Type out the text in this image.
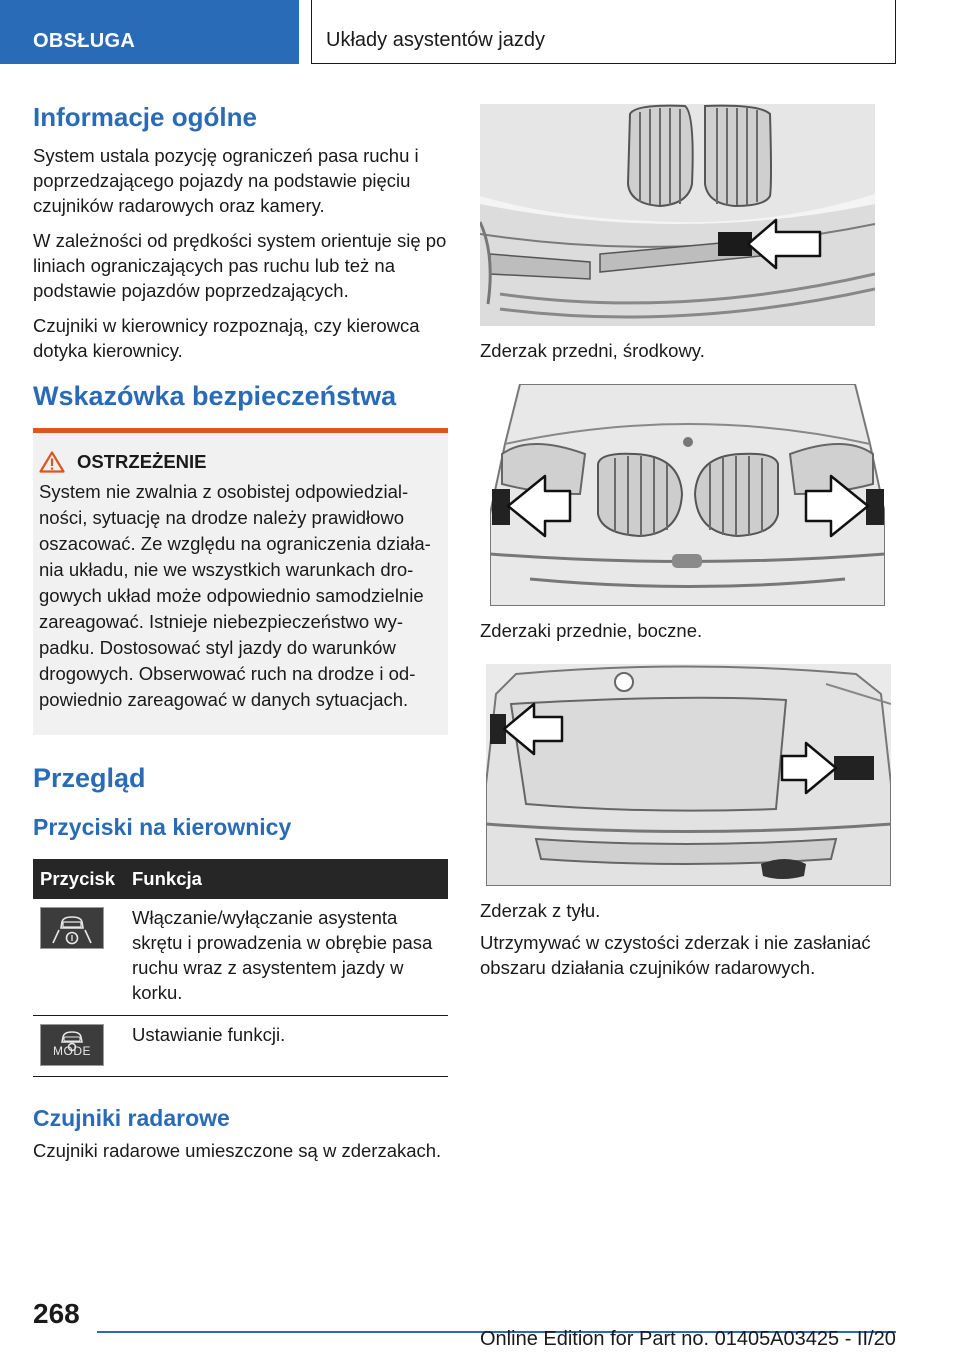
OBSŁUGA	Układy asystentów jazdy
Informacje ogólne

System ustala pozycję ograniczeń pasa ruchu i poprzedzającego pojazdy na podstawie pięciu czujników radarowych oraz kamery.

W zależności od prędkości system orientuje się po liniach ograniczających pas ruchu lub też na podstawie pojazdów poprzedzających.

Czujniki w kierownicy rozpoznają, czy kierowca dotyka kierownicy.

Wskazówka bezpieczeństwa
OSTRZEŻENIE

System nie zwalnia z osobistej odpowiedzialności, sytuację na drodze należy prawidłowo oszacować. Ze względu na ograniczenia działania układu, nie we wszystkich warunkach drogowych układ może odpowiednio samodzielnie zareagować. Istnieje niebezpieczeństwo wypadku. Dostosować styl jazdy do warunków drogowych. Obserwować ruch na drodze i odpowiednio zareagować w danych sytuacjach.

Przegląd
Przyciski na kierownicy
Przycisk	Funkcja

	Włączanie/wyłączanie asystenta skrętu i prowadzenia w obrębie pasa ruchu wraz z asystentem jazdy w korku.

MODE	Ustawianie funkcji.
Czujniki radarowe

Czujniki radarowe umieszczone są w zderzakach.

Zderzak przedni, środkowy.

Zderzaki przednie, boczne.

Zderzak z tyłu.

Utrzymywać w czystości zderzak i nie zasłaniać obszaru działania czujników radarowych.

268
Online Edition for Part no. 01405A03425 - II/20
